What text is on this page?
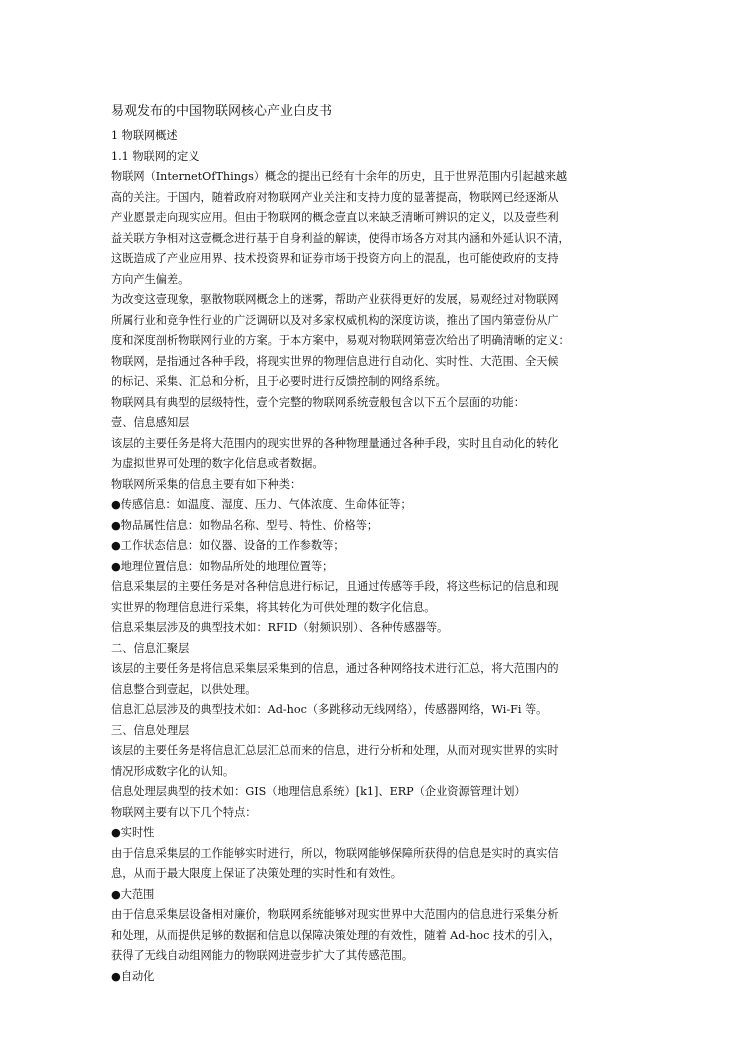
易观发布的中国物联网核心产业白皮书
1 物联网概述
1.1 物联网的定义
物联网（InternetOfThings）概念的提出已经有十余年的历史，且于世界范围内引起越来越
高的关注。于国内，随着政府对物联网产业关注和支持力度的显著提高，物联网已经逐渐从
产业愿景走向现实应用。但由于物联网的概念壹直以来缺乏清晰可辨识的定义，以及壹些利
益关联方争相对这壹概念进行基于自身利益的解读，使得市场各方对其内涵和外延认识不清，
这既造成了产业应用界、技术投资界和证券市场于投资方向上的混乱，也可能使政府的支持
方向产生偏差。
为改变这壹现象，驱散物联网概念上的迷雾，帮助产业获得更好的发展，易观经过对物联网
所属行业和竞争性行业的广泛调研以及对多家权威机构的深度访谈，推出了国内第壹份从广
度和深度剖析物联网行业的方案。于本方案中，易观对物联网第壹次给出了明确清晰的定义：
物联网，是指通过各种手段，将现实世界的物理信息进行自动化、实时性、大范围、全天候
的标记、采集、汇总和分析，且于必要时进行反馈控制的网络系统。
物联网具有典型的层级特性，壹个完整的物联网系统壹般包含以下五个层面的功能：
壹、信息感知层
该层的主要任务是将大范围内的现实世界的各种物理量通过各种手段，实时且自动化的转化
为虚拟世界可处理的数字化信息或者数据。
物联网所采集的信息主要有如下种类：
●传感信息：如温度、湿度、压力、气体浓度、生命体征等；
●物品属性信息：如物品名称、型号、特性、价格等；
●工作状态信息：如仪器、设备的工作参数等；
●地理位置信息：如物品所处的地理位置等；
信息采集层的主要任务是对各种信息进行标记，且通过传感等手段，将这些标记的信息和现
实世界的物理信息进行采集，将其转化为可供处理的数字化信息。
信息采集层涉及的典型技术如：RFID（射频识别）、各种传感器等。
二、信息汇聚层
该层的主要任务是将信息采集层采集到的信息，通过各种网络技术进行汇总，将大范围内的
信息整合到壹起，以供处理。
信息汇总层涉及的典型技术如：Ad-hoc（多跳移动无线网络），传感器网络，Wi-Fi 等。
三、信息处理层
该层的主要任务是将信息汇总层汇总而来的信息，进行分析和处理，从而对现实世界的实时
情况形成数字化的认知。
信息处理层典型的技术如：GIS（地理信息系统）[k1]、ERP（企业资源管理计划）
物联网主要有以下几个特点：
●实时性
由于信息采集层的工作能够实时进行，所以，物联网能够保障所获得的信息是实时的真实信
息，从而于最大限度上保证了决策处理的实时性和有效性。
●大范围
由于信息采集层设备相对廉价，物联网系统能够对现实世界中大范围内的信息进行采集分析
和处理，从而提供足够的数据和信息以保障决策处理的有效性，随着 Ad-hoc 技术的引入，
获得了无线自动组网能力的物联网进壹步扩大了其传感范围。
●自动化
